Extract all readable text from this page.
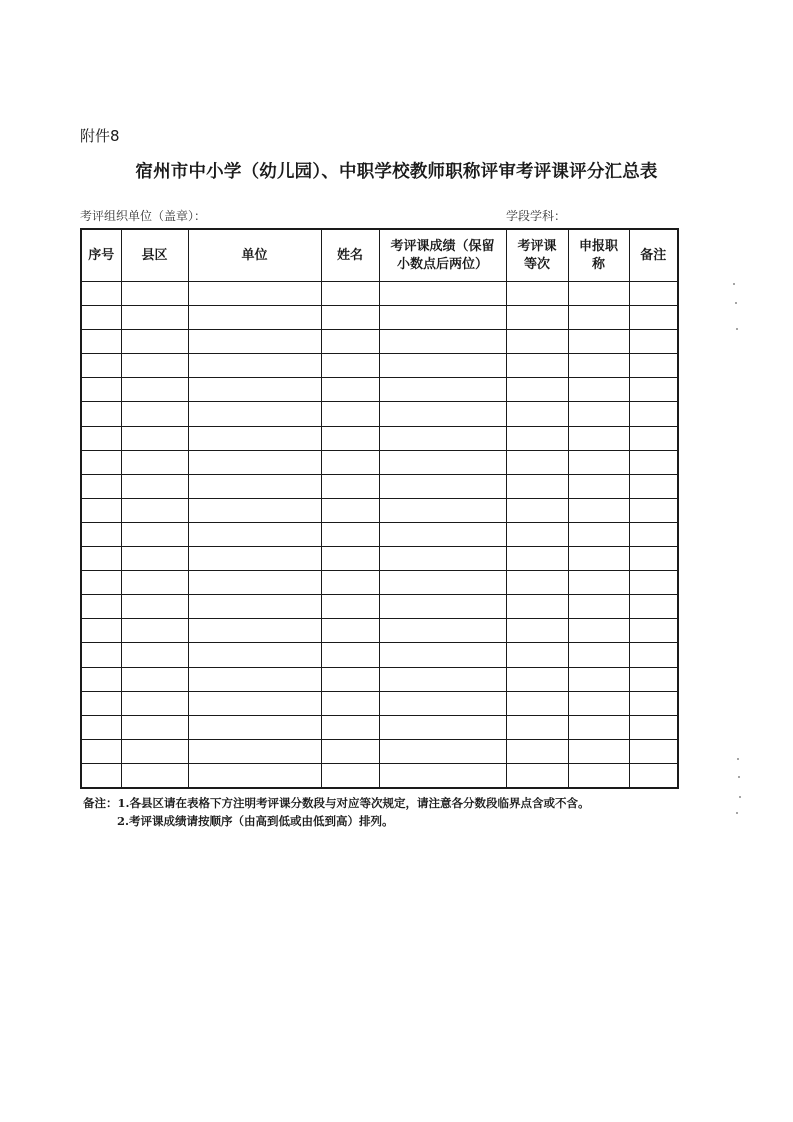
附件8
宿州市中小学（幼儿园）、中职学校教师职称评审考评课评分汇总表
考评组织单位（盖章）：	学段学科：
序号	县区	单位	姓名	考评课成绩（保留小数点后两位）	考评课等次	申报职称	备注

备注：1.各县区请在表格下方注明考评课分数段与对应等次规定，请注意各分数段临界点含或不含。
2.考评课成绩请按顺序（由高到低或由低到高）排列。
